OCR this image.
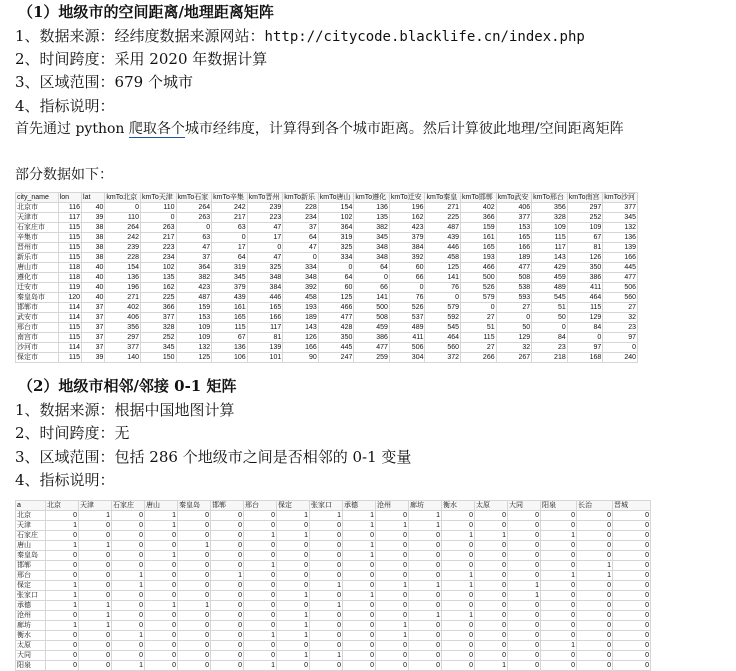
（1）地级市的空间距离/地理距离矩阵
1、数据来源：经纬度数据来源网站：http://citycode.blacklife.cn/index.php
2、时间跨度：采用 2020 年数据计算
3、区域范围：679 个城市
4、指标说明：
首先通过 python 爬取各个城市经纬度，计算得到各个城市距离。然后计算彼此地理/空间距离矩阵
部分数据如下：
city_name	lon	lat	kmTo北京	kmTo天津	kmTo石家	kmTo辛集	kmTo晋州	kmTo新乐	kmTo唐山	kmTo遵化	kmTo迁安	kmTo秦皇	kmTo邯郸	kmTo武安	kmTo邢台	kmTo南宫	kmTo沙河
北京市	116	40	0	110	264	242	239	228	154	136	196	271	402	406	356	297	377
天津市	117	39	110	0	263	217	223	234	102	135	162	225	366	377	328	252	345
石家庄市	115	38	264	263	0	63	47	37	364	382	423	487	159	153	109	109	132
辛集市	115	38	242	217	63	0	17	64	319	345	379	439	161	165	115	67	136
晋州市	115	38	239	223	47	17	0	47	325	348	384	446	165	166	117	81	139
新乐市	115	38	228	234	37	64	47	0	334	348	392	458	193	189	143	126	166
唐山市	118	40	154	102	364	319	325	334	0	64	60	125	466	477	429	350	445
遵化市	118	40	136	135	382	345	348	348	64	0	66	141	500	508	459	386	477
迁安市	119	40	196	162	423	379	384	392	60	66	0	76	526	538	489	411	506
秦皇岛市	120	40	271	225	487	439	446	458	125	141	76	0	579	593	545	464	560
邯郸市	114	37	402	366	159	161	165	193	466	500	526	579	0	27	51	115	27
武安市	114	37	406	377	153	165	166	189	477	508	537	592	27	0	50	129	32
邢台市	115	37	356	328	109	115	117	143	428	459	489	545	51	50	0	84	23
南宫市	115	37	297	252	109	67	81	126	350	386	411	464	115	129	84	0	97
沙河市	114	37	377	345	132	136	139	166	445	477	506	560	27	32	23	97	0
保定市	115	39	140	150	125	106	101	90	247	259	304	372	266	267	218	168	240
（2）地级市相邻/邻接 0-1 矩阵
1、数据来源：根据中国地图计算
2、时间跨度：无
3、区域范围：包括 286 个地级市之间是否相邻的 0-1 变量
4、指标说明：
a	北京	天津	石家庄	唐山	秦皇岛	邯郸	邢台	保定	张家口	承德	沧州	廊坊	衡水	太原	大同	阳泉	长治	晋城
北京	0	1	0	1	0	0	0	1	1	1	0	1	0	0	0	0	0	0
天津	1	0	0	1	0	0	0	0	0	1	1	1	0	0	0	0	0	0
石家庄	0	0	0	0	0	0	1	1	0	0	0	0	1	1	0	1	0	0
唐山	1	1	0	0	1	0	0	0	0	1	0	0	0	0	0	0	0	0
秦皇岛	0	0	0	1	0	0	0	0	0	1	0	0	0	0	0	0	0	0
邯郸	0	0	0	0	0	0	1	0	0	0	0	0	0	0	0	0	1	0
邢台	0	0	1	0	0	1	0	0	0	0	0	0	1	0	0	1	1	0
保定	1	0	1	0	0	0	0	0	1	0	1	1	1	0	1	0	0	0
张家口	1	0	0	0	0	0	0	1	0	1	0	0	0	0	1	0	0	0
承德	1	1	0	1	1	0	0	0	1	0	0	0	0	0	0	0	0	0
沧州	0	1	0	0	0	0	0	1	0	0	0	1	1	0	0	0	0	0
廊坊	1	1	0	0	0	0	0	1	0	0	1	0	0	0	0	0	0	0
衡水	0	0	1	0	0	0	1	1	0	0	1	0	0	0	0	0	0	0
太原	0	0	0	0	0	0	0	0	0	0	0	0	0	0	0	1	0	0
大同	0	0	0	0	0	0	0	1	1	0	0	0	0	0	0	0	0	0
阳泉	0	0	1	0	0	0	1	0	0	0	0	0	0	1	0	0	0	0
